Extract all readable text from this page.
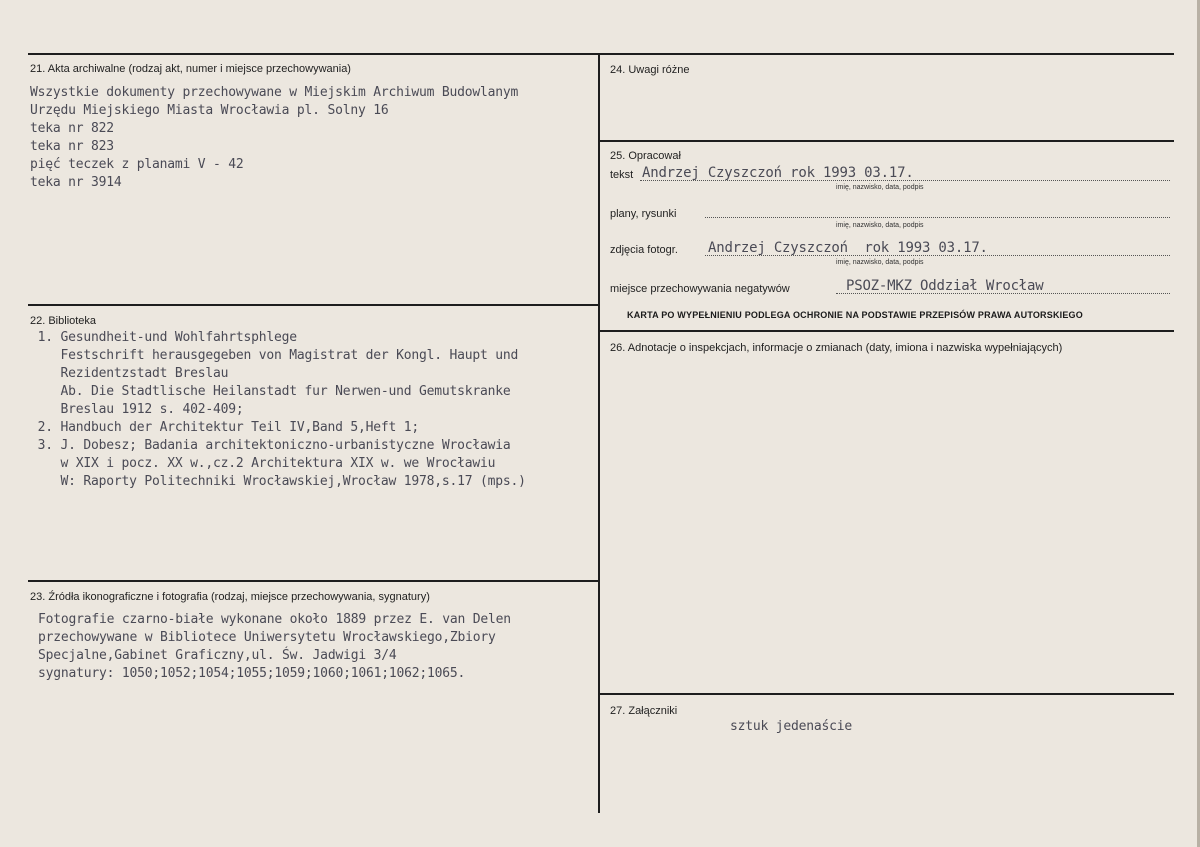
21. Akta archiwalne (rodzaj akt, numer i miejsce przechowywania)
Wszystkie dokumenty przechowywane w Miejskim Archiwum Budowlanym
Urzędu Miejskiego Miasta Wrocławia pl. Solny 16
teka nr 822
teka nr 823
pięć teczek z planami V - 42
teka nr 3914
22. Biblioteka
1. Gesundheit-und Wohlfahrtsphlege
Festschrift herausgegeben von Magistrat der Kongl. Haupt und
Rezidentzstadt Breslau
Ab. Die Stadtlische Heilanstadt fur Nerwen-und Gemutskranke
Breslau 1912 s. 402-409;
2. Handbuch der Architektur Teil IV,Band 5,Heft 1;
3. J. Dobesz; Badania architektoniczno-urbanistyczne Wrocławia
w XIX i pocz. XX w.,cz.2 Architektura XIX w. we Wrocławiu
W: Raporty Politechniki Wrocławskiej,Wrocław 1978,s.17 (mps.)
23. Źródła ikonograficzne i fotografia (rodzaj, miejsce przechowywania, sygnatury)
Fotografie czarno-białe wykonane około 1889 przez E. van Delen
przechowywane w Bibliotece Uniwersytetu Wrocławskiego,Zbiory
Specjalne,Gabinet Graficzny,ul. Św. Jadwigi 3/4
sygnatury: 1050;1052;1054;1055;1059;1060;1061;1062;1065.
24. Uwagi różne
25. Opracował
tekst Andrzej Czyszczoń rok 1993 03.17.
imię, nazwisko, data, podpis
plany, rysunki
imię, nazwisko, data, podpis
zdjęcia fotogr. Andrzej Czyszczoń  rok 1993 03.17.
imię, nazwisko, data, podpis
miejsce przechowywania negatywów	PSOZ-MKZ Oddział Wrocław
KARTA PO WYPEŁNIENIU PODLEGA OCHRONIE NA PODSTAWIE PRZEPISÓW PRAWA AUTORSKIEGO
26. Adnotacje o inspekcjach, informacje o zmianach (daty, imiona i nazwiska wypełniających)
27. Załączniki
sztuk jedenaście
